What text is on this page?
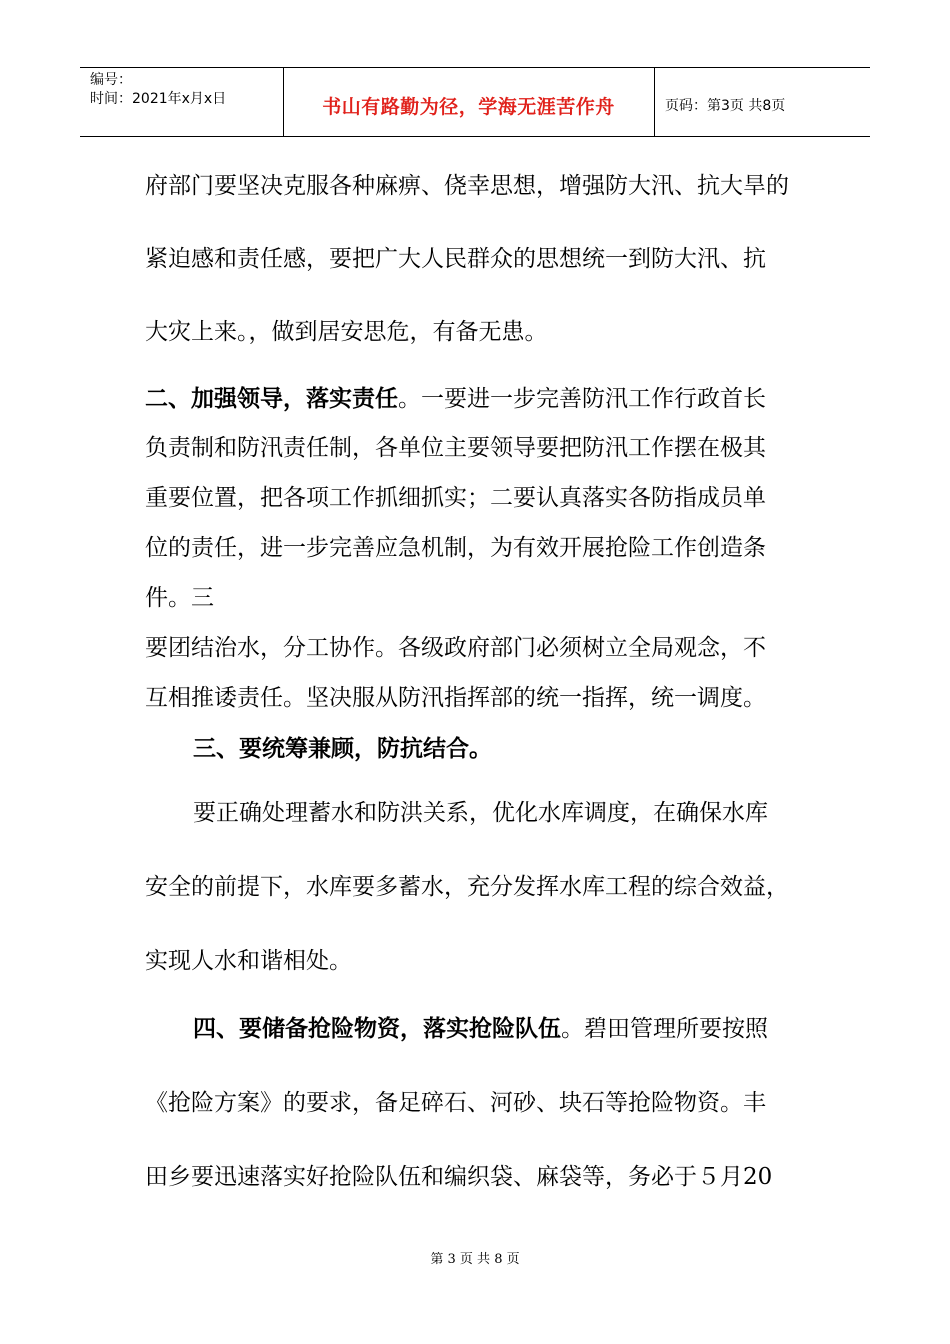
编号：
时间：2021年x月x日	书山有路勤为径，学海无涯苦作舟	页码：第3页 共8页
府部门要坚决克服各种麻痹、侥幸思想，增强防大汛、抗大旱的
紧迫感和责任感，要把广大人民群众的思想统一到防大汛、抗
大灾上来。，做到居安思危，有备无患。
二、加强领导，落实责任。一要进一步完善防汛工作行政首长
负责制和防汛责任制，各单位主要领导要把防汛工作摆在极其
重要位置，把各项工作抓细抓实；二要认真落实各防指成员单
位的责任，进一步完善应急机制，为有效开展抢险工作创造条
件。三
要团结治水，分工协作。各级政府部门必须树立全局观念，不
互相推诿责任。坚决服从防汛指挥部的统一指挥，统一调度。
三、要统筹兼顾，防抗结合。
要正确处理蓄水和防洪关系，优化水库调度，在确保水库
安全的前提下，水库要多蓄水，充分发挥水库工程的综合效益，
实现人水和谐相处。
四、要储备抢险物资，落实抢险队伍。碧田管理所要按照
《抢险方案》的要求，备足碎石、河砂、块石等抢险物资。丰
田乡要迅速落实好抢险队伍和编织袋、麻袋等，务必于５月20
第 3 页 共 8 页
